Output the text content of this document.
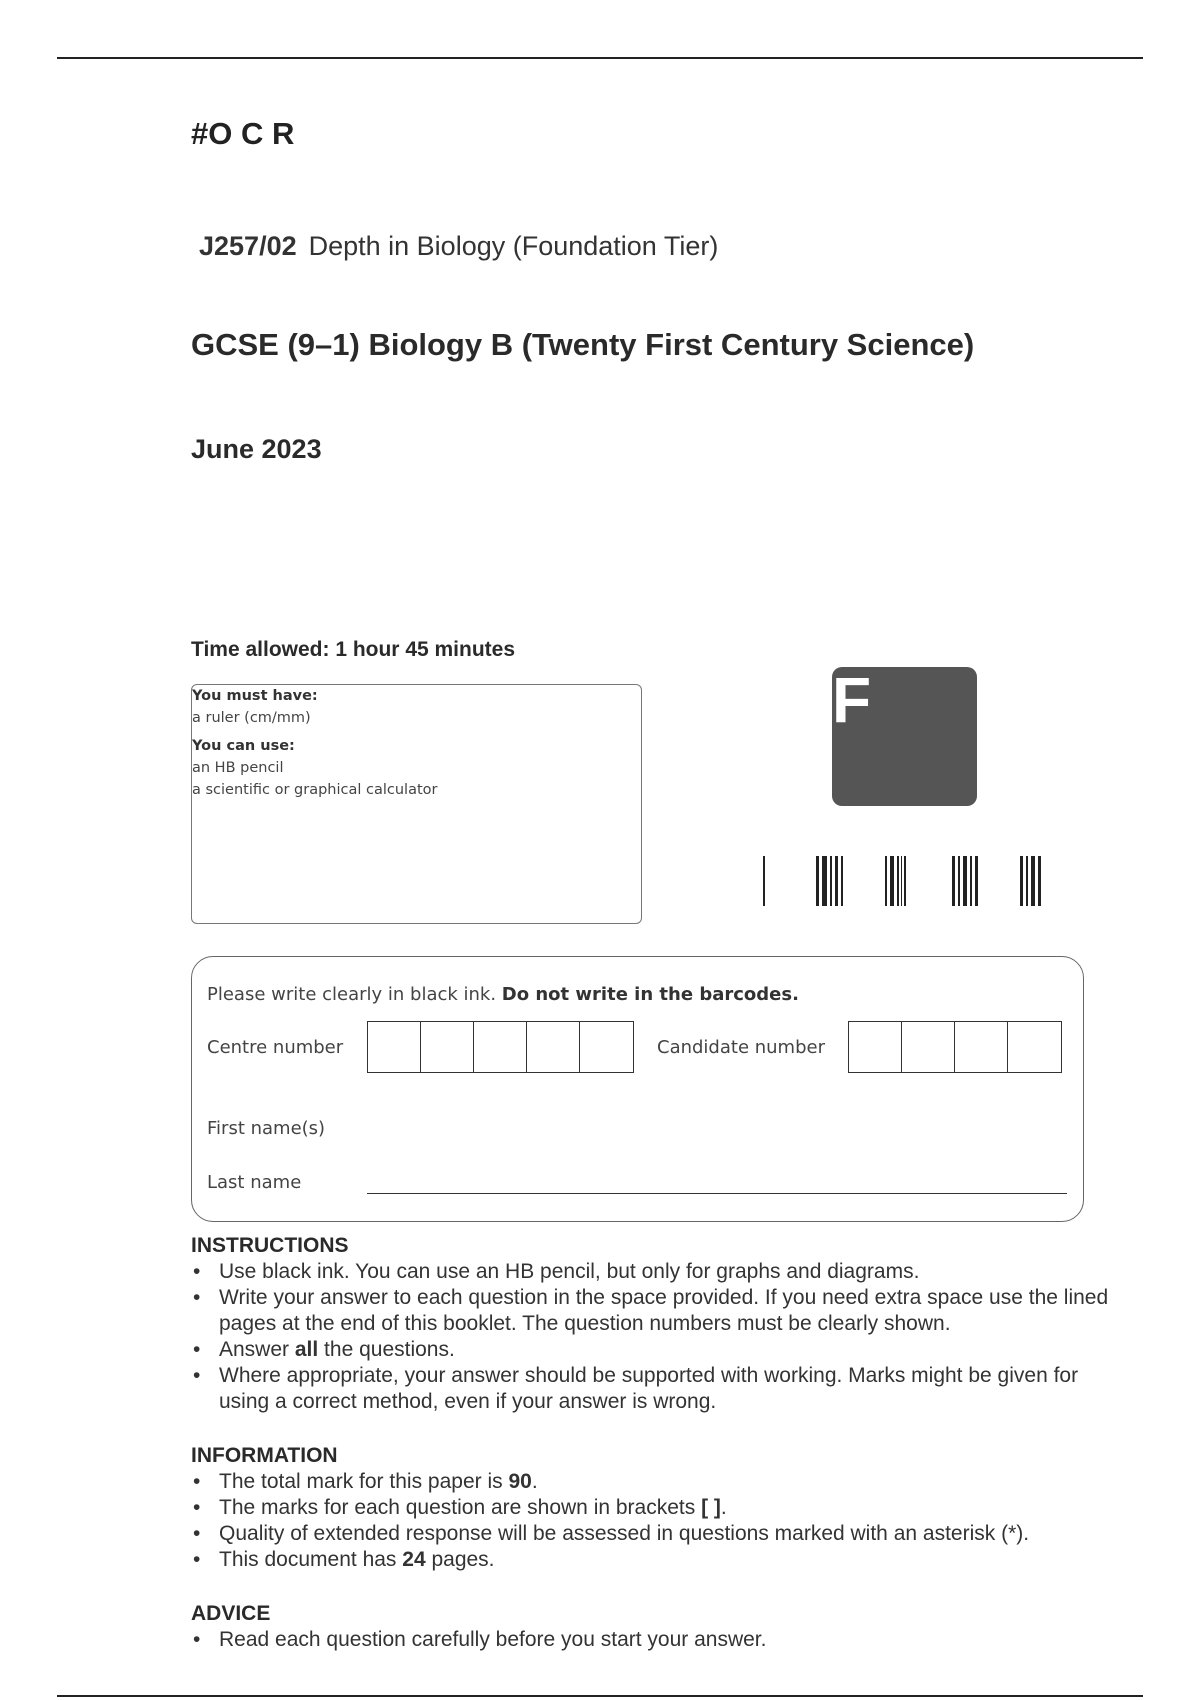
#O C R
J257/02 Depth in Biology (Foundation Tier)
GCSE (9–1) Biology B (Twenty First Century Science)
June 2023
Time allowed: 1 hour 45 minutes
You must have:
a ruler (cm/mm)
You can use:
an HB pencil
a scientific or graphical calculator
F
Please write clearly in black ink. Do not write in the barcodes.
Centre number	Candidate number
First name(s)
Last name
INSTRUCTIONS
• Use black ink. You can use an HB pencil, but only for graphs and diagrams.
• Write your answer to each question in the space provided. If you need extra space use the lined pages at the end of this booklet. The question numbers must be clearly shown.
• Answer all the questions.
• Where appropriate, your answer should be supported with working. Marks might be given for using a correct method, even if your answer is wrong.
INFORMATION
• The total mark for this paper is 90.
• The marks for each question are shown in brackets [ ].
• Quality of extended response will be assessed in questions marked with an asterisk (*).
• This document has 24 pages.
ADVICE
• Read each question carefully before you start your answer.
